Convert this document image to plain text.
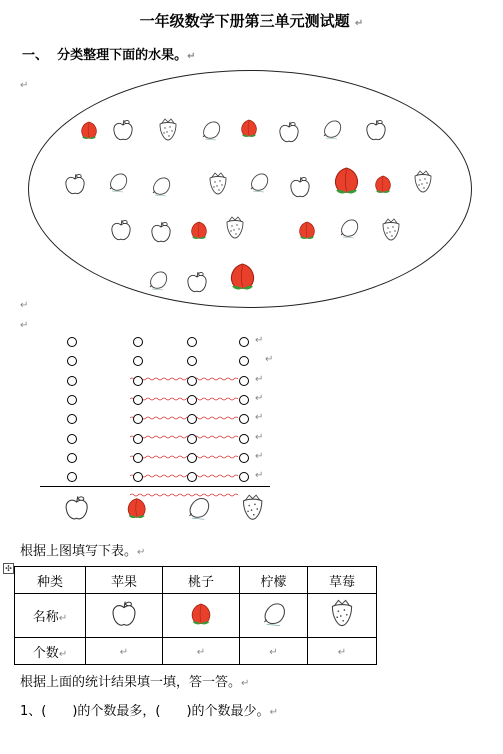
一年级数学下册第三单元测试题 ↵
一、 分类整理下面的水果。↵
↵
↵
↵
↵
↵
↵
↵
↵
↵
↵
↵
根据上图填写下表。↵
✣
种类	苹果	桃子	柠檬	草莓
名称↵				
个数↵	↵	↵	↵	↵
根据上面的统计结果填一填，答一答。↵
1、(　　)的个数最多，(　　)的个数最少。↵
